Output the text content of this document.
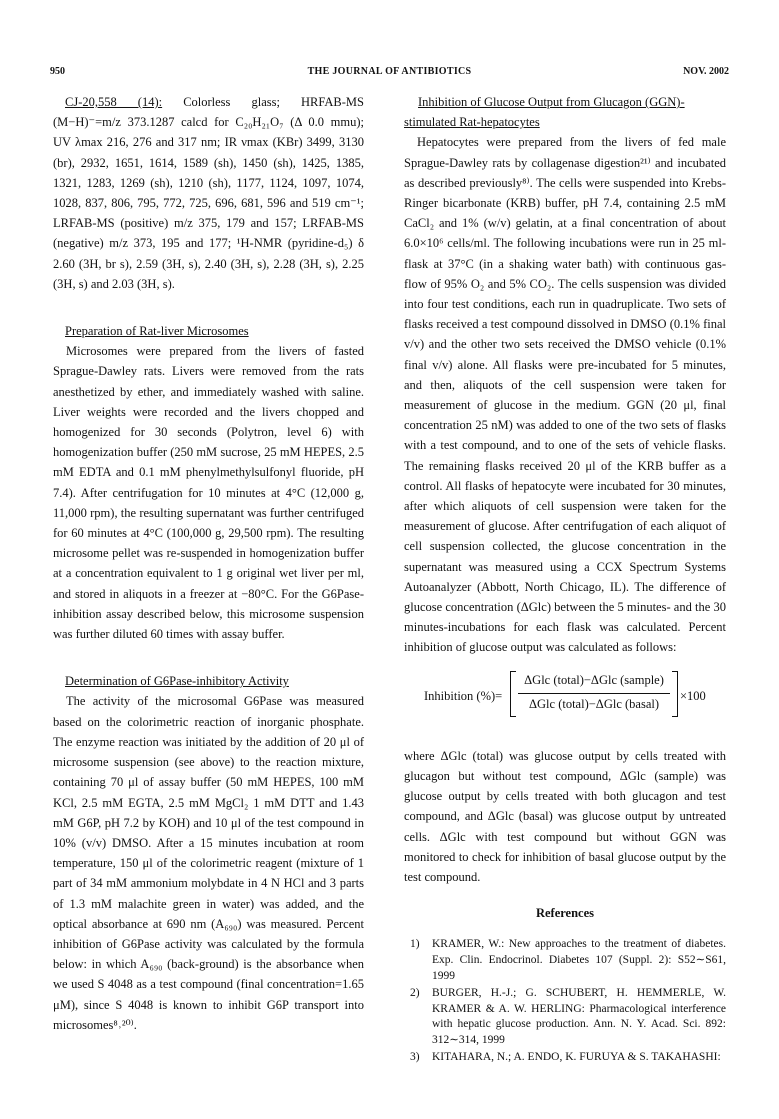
950	THE JOURNAL OF ANTIBIOTICS	NOV. 2002

CJ-20,558 (14): Colorless glass; HRFAB-MS

(M−H)⁻=m/z 373.1287 calcd for C₂₀H₂₁O₇ (Δ 0.0 mmu);

UV λmax 216, 276 and 317 nm; IR νmax (KBr) 3499, 3130

(br), 2932, 1651, 1614, 1589 (sh), 1450 (sh), 1425, 1385,

1321, 1283, 1269 (sh), 1210 (sh), 1177, 1124, 1097, 1074,

1028, 837, 806, 795, 772, 725, 696, 681, 596 and 519 cm⁻¹;

LRFAB-MS (positive) m/z 375, 179 and 157; LRFAB-MS

(negative) m/z 373, 195 and 177; ¹H-NMR (pyridine-d₅) δ

2.60 (3H, br s), 2.59 (3H, s), 2.40 (3H, s), 2.28 (3H, s), 2.25

(3H, s) and 2.03 (3H, s).

Preparation of Rat-liver Microsomes

Microsomes were prepared from the livers of fasted Sprague-Dawley rats. Livers were removed from the rats anesthetized by ether, and immediately washed with saline. Liver weights were recorded and the livers chopped and homogenized for 30 seconds (Polytron, level 6) with homogenization buffer (250 mM sucrose, 25 mM HEPES, 2.5 mM EDTA and 0.1 mM phenylmethylsulfonyl fluoride, pH 7.4). After centrifugation for 10 minutes at 4°C (12,000 g, 11,000 rpm), the resulting supernatant was further centrifuged for 60 minutes at 4°C (100,000 g, 29,500 rpm). The resulting microsome pellet was re-suspended in homogenization buffer at a concentration equivalent to 1 g original wet liver per ml, and stored in aliquots in a freezer at −80°C. For the G6Pase-inhibition assay described below, this microsome suspension was further diluted 60 times with assay buffer.

Determination of G6Pase-inhibitory Activity

The activity of the microsomal G6Pase was measured based on the colorimetric reaction of inorganic phosphate. The enzyme reaction was initiated by the addition of 20 μl of microsome suspension (see above) to the reaction mixture, containing 70 μl of assay buffer (50 mM HEPES, 100 mM KCl, 2.5 mM EGTA, 2.5 mM MgCl₂ 1 mM DTT and 1.43 mM G6P, pH 7.2 by KOH) and 10 μl of the test compound in 10% (v/v) DMSO. After a 15 minutes incubation at room temperature, 150 μl of the colorimetric reagent (mixture of 1 part of 34 mM ammonium molybdate in 4 N HCl and 3 parts of 1.3 mM malachite green in water) was added, and the optical absorbance at 690 nm (A₆₉₀) was measured. Percent inhibition of G6Pase activity was calculated by the formula below: in which A₆₉₀ (back-ground) is the absorbance when we used S 4048 as a test compound (final concentration=1.65 μM), since S 4048 is known to inhibit G6P transport into microsomes⁸˒²⁰⁾.

Inhibition of Glucose Output from Glucagon (GGN)-

stimulated Rat-hepatocytes

Hepatocytes were prepared from the livers of fed male Sprague-Dawley rats by collagenase digestion²¹⁾ and incubated as described previously⁸⁾. The cells were suspended into Krebs-Ringer bicarbonate (KRB) buffer, pH 7.4, containing 2.5 mM CaCl₂ and 1% (w/v) gelatin, at a final concentration of about 6.0×10⁶ cells/ml. The following incubations were run in 25 ml-flask at 37°C (in a shaking water bath) with continuous gas-flow of 95% O₂ and 5% CO₂. The cells suspension was divided into four test conditions, each run in quadruplicate. Two sets of flasks received a test compound dissolved in DMSO (0.1% final v/v) and the other two sets received the DMSO vehicle (0.1% final v/v) alone. All flasks were pre-incubated for 5 minutes, and then, aliquots of the cell suspension were taken for measurement of glucose in the medium. GGN (20 μl, final concentration 25 nM) was added to one of the two sets of flasks with a test compound, and to one of the sets of vehicle flasks. The remaining flasks received 20 μl of the KRB buffer as a control. All flasks of hepatocyte were incubated for 30 minutes, after which aliquots of cell suspension were taken for the measurement of glucose. After centrifugation of each aliquot of cell suspension collected, the glucose concentration in the supernatant was measured using a CCX Spectrum Systems Autoanalyzer (Abbott, North Chicago, IL). The difference of glucose concentration (ΔGlc) between the 5 minutes- and the 30 minutes-incubations for each flask was calculated. Percent inhibition of glucose output was calculated as follows:

Inhibition (%)=
ΔGlc (total)−ΔGlc (sample)
ΔGlc (total)−ΔGlc (basal)
×100

where ΔGlc (total) was glucose output by cells treated with glucagon but without test compound, ΔGlc (sample) was glucose output by cells treated with both glucagon and test compound, and ΔGlc (basal) was glucose output by untreated cells. ΔGlc with test compound but without GGN was monitored to check for inhibition of basal glucose output by the test compound.

References

1) KRAMER, W.: New approaches to the treatment of diabetes. Exp. Clin. Endocrinol. Diabetes 107 (Suppl. 2): S52∼S61, 1999
2) BURGER, H.-J.; G. SCHUBERT, H. HEMMERLE, W. KRAMER & A. W. HERLING: Pharmacological interference with hepatic glucose production. Ann. N. Y. Acad. Sci. 892: 312∼314, 1999
3) KITAHARA, N.; A. ENDO, K. FURUYA & S. TAKAHASHI:
